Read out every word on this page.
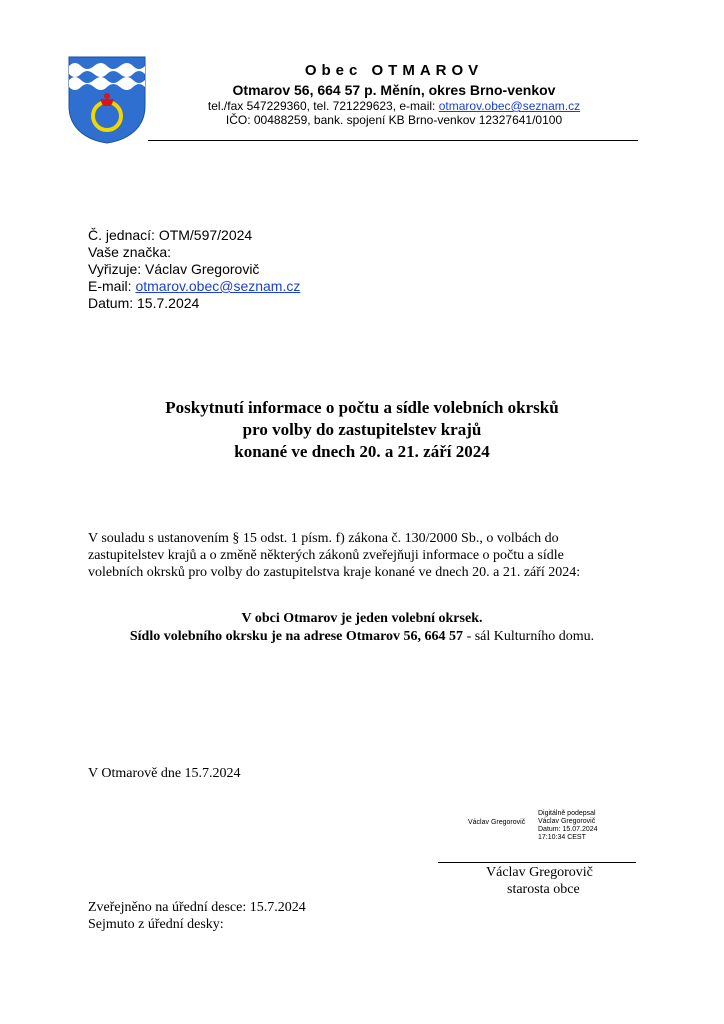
Obec OTMAROV
Otmarov 56, 664 57 p. Měnín, okres Brno-venkov
tel./fax 547229360, tel. 721229623, e-mail: otmarov.obec@seznam.cz
IČO: 00488259, bank. spojení KB Brno-venkov 12327641/0100
Č. jednací: OTM/597/2024
Vaše značka:
Vyřizuje: Václav Gregorovič
E-mail: otmarov.obec@seznam.cz
Datum: 15.7.2024
Poskytnutí informace o počtu a sídle volebních okrsků
pro volby do zastupitelstev krajů
konané ve dnech 20. a 21. září 2024
V souladu s ustanovením § 15 odst. 1 písm. f) zákona č. 130/2000 Sb., o volbách do
zastupitelstev krajů a o změně některých zákonů zveřejňuji informace o počtu a sídle
volebních okrsků pro volby do zastupitelstva kraje konané ve dnech 20. a 21. září 2024:
V obci Otmarov je jeden volební okrsek.
Sídlo volebního okrsku je na adrese Otmarov 56, 664 57 - sál Kulturního domu.
V Otmarově dne 15.7.2024
Václav Gregorovič
Digitálně podepsal
Václav Gregorovič
Datum: 15.07.2024
17:10:34 CEST
Václav Gregorovič
starosta obce
Zveřejněno na úřední desce: 15.7.2024
Sejmuto z úřední desky:
